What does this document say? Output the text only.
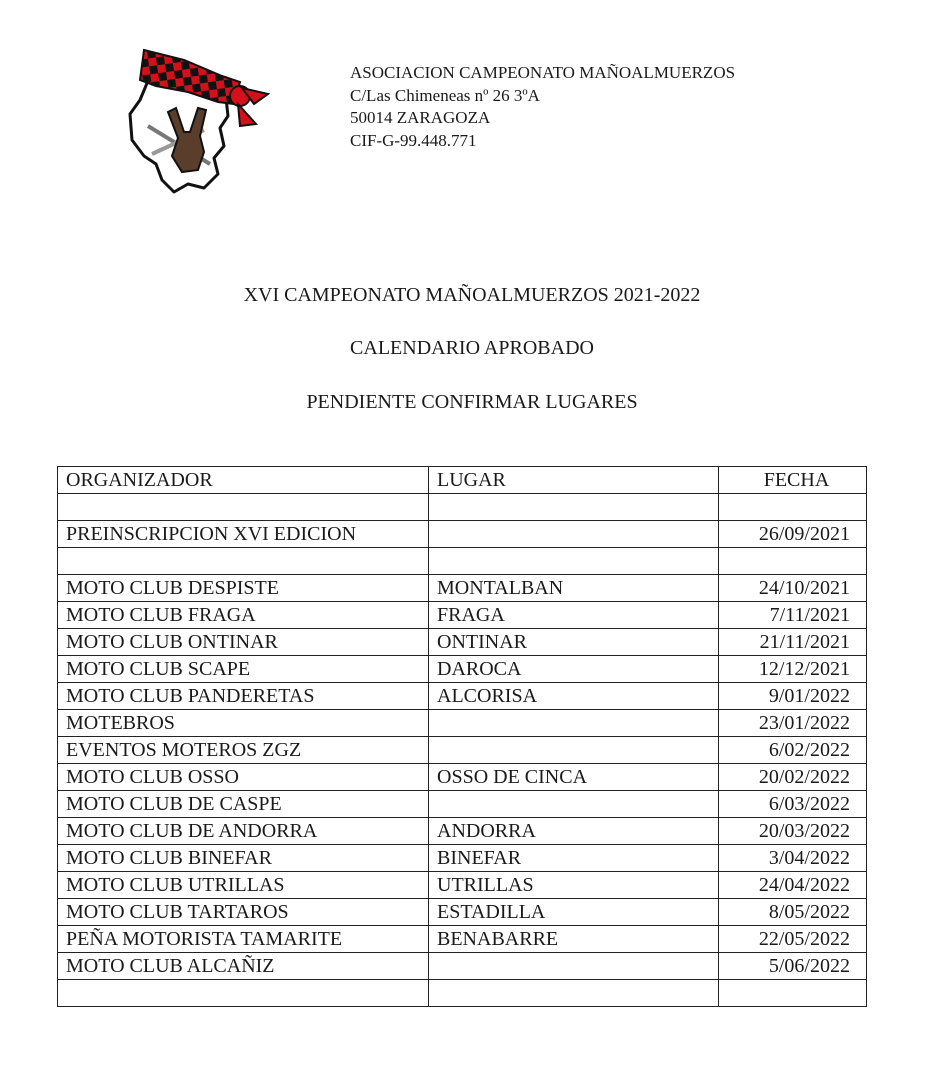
ASOCIACION CAMPEONATO MAÑOALMUERZOS
C/Las Chimeneas nº 26 3ºA
50014 ZARAGOZA
CIF-G-99.448.771
XVI CAMPEONATO MAÑOALMUERZOS 2021-2022
CALENDARIO APROBADO
PENDIENTE CONFIRMAR LUGARES
ORGANIZADOR	LUGAR	FECHA

PREINSCRIPCION XVI EDICION		26/09/2021

MOTO CLUB DESPISTE	MONTALBAN	24/10/2021
MOTO CLUB FRAGA	FRAGA	7/11/2021
MOTO CLUB ONTINAR	ONTINAR	21/11/2021
MOTO CLUB SCAPE	DAROCA	12/12/2021
MOTO CLUB PANDERETAS	ALCORISA	9/01/2022
MOTEBROS		23/01/2022
EVENTOS MOTEROS ZGZ		6/02/2022
MOTO CLUB OSSO	OSSO DE CINCA	20/02/2022
MOTO CLUB DE CASPE		6/03/2022
MOTO CLUB DE ANDORRA	ANDORRA	20/03/2022
MOTO CLUB BINEFAR	BINEFAR	3/04/2022
MOTO CLUB UTRILLAS	UTRILLAS	24/04/2022
MOTO CLUB TARTAROS	ESTADILLA	8/05/2022
PEÑA MOTORISTA TAMARITE	BENABARRE	22/05/2022
MOTO CLUB ALCAÑIZ		5/06/2022
